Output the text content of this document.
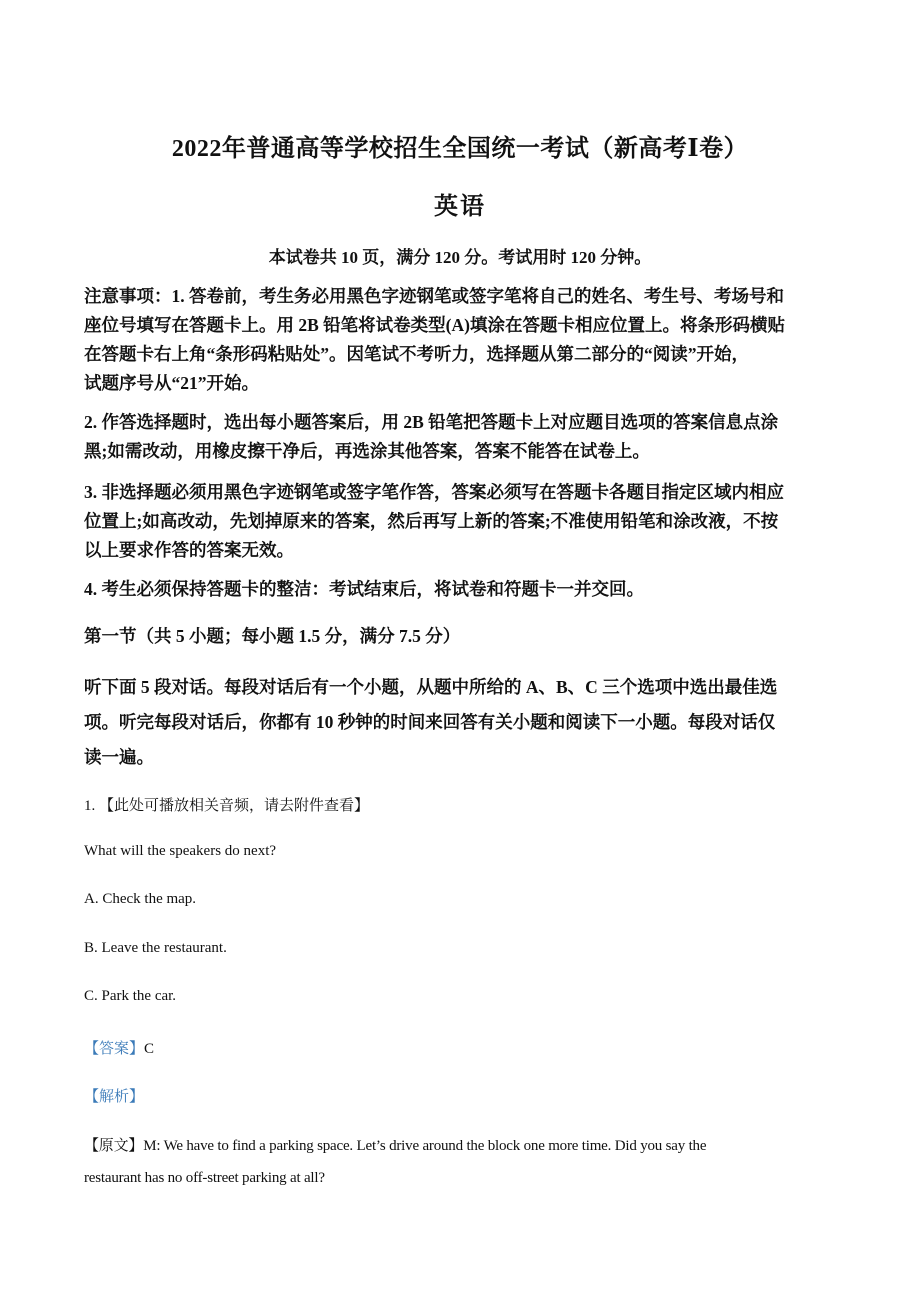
2022年普通高等学校招生全国统一考试（新高考Ⅰ卷）
英语
本试卷共 10 页，满分 120 分。考试用时 120 分钟。
注意事项：1. 答卷前，考生务必用黑色字迹钢笔或签字笔将自己的姓名、考生号、考场号和
座位号填写在答题卡上。用 2B 铅笔将试卷类型(A)填涂在答题卡相应位置上。将条形码横贴
在答题卡右上角“条形码粘贴处”。因笔试不考听力，选择题从第二部分的“阅读”开始，
试题序号从“21”开始。
2. 作答选择题时，选出每小题答案后，用 2B 铅笔把答题卡上对应题目选项的答案信息点涂
黑;如需改动，用橡皮擦干净后，再选涂其他答案，答案不能答在试卷上。
3. 非选择题必须用黑色字迹钢笔或签字笔作答，答案必须写在答题卡各题目指定区域内相应
位置上;如高改动，先划掉原来的答案，然后再写上新的答案;不准使用铅笔和涂改液，不按
以上要求作答的答案无效。
4. 考生必须保持答题卡的整洁：考试结束后，将试卷和符题卡一并交回。
第一节（共 5 小题；每小题 1.5 分，满分 7.5 分）
听下面 5 段对话。每段对话后有一个小题，从题中所给的 A、B、C 三个选项中选出最佳选
项。听完每段对话后，你都有 10 秒钟的时间来回答有关小题和阅读下一小题。每段对话仅
读一遍。
1. 【此处可播放相关音频，请去附件查看】
What will the speakers do next?
A. Check the map.
B. Leave the restaurant.
C. Park the car.
【答案】C
【解析】
【原文】M: We have to find a parking space. Let’s drive around the block one more time. Did you say the
restaurant has no off-street parking at all?
